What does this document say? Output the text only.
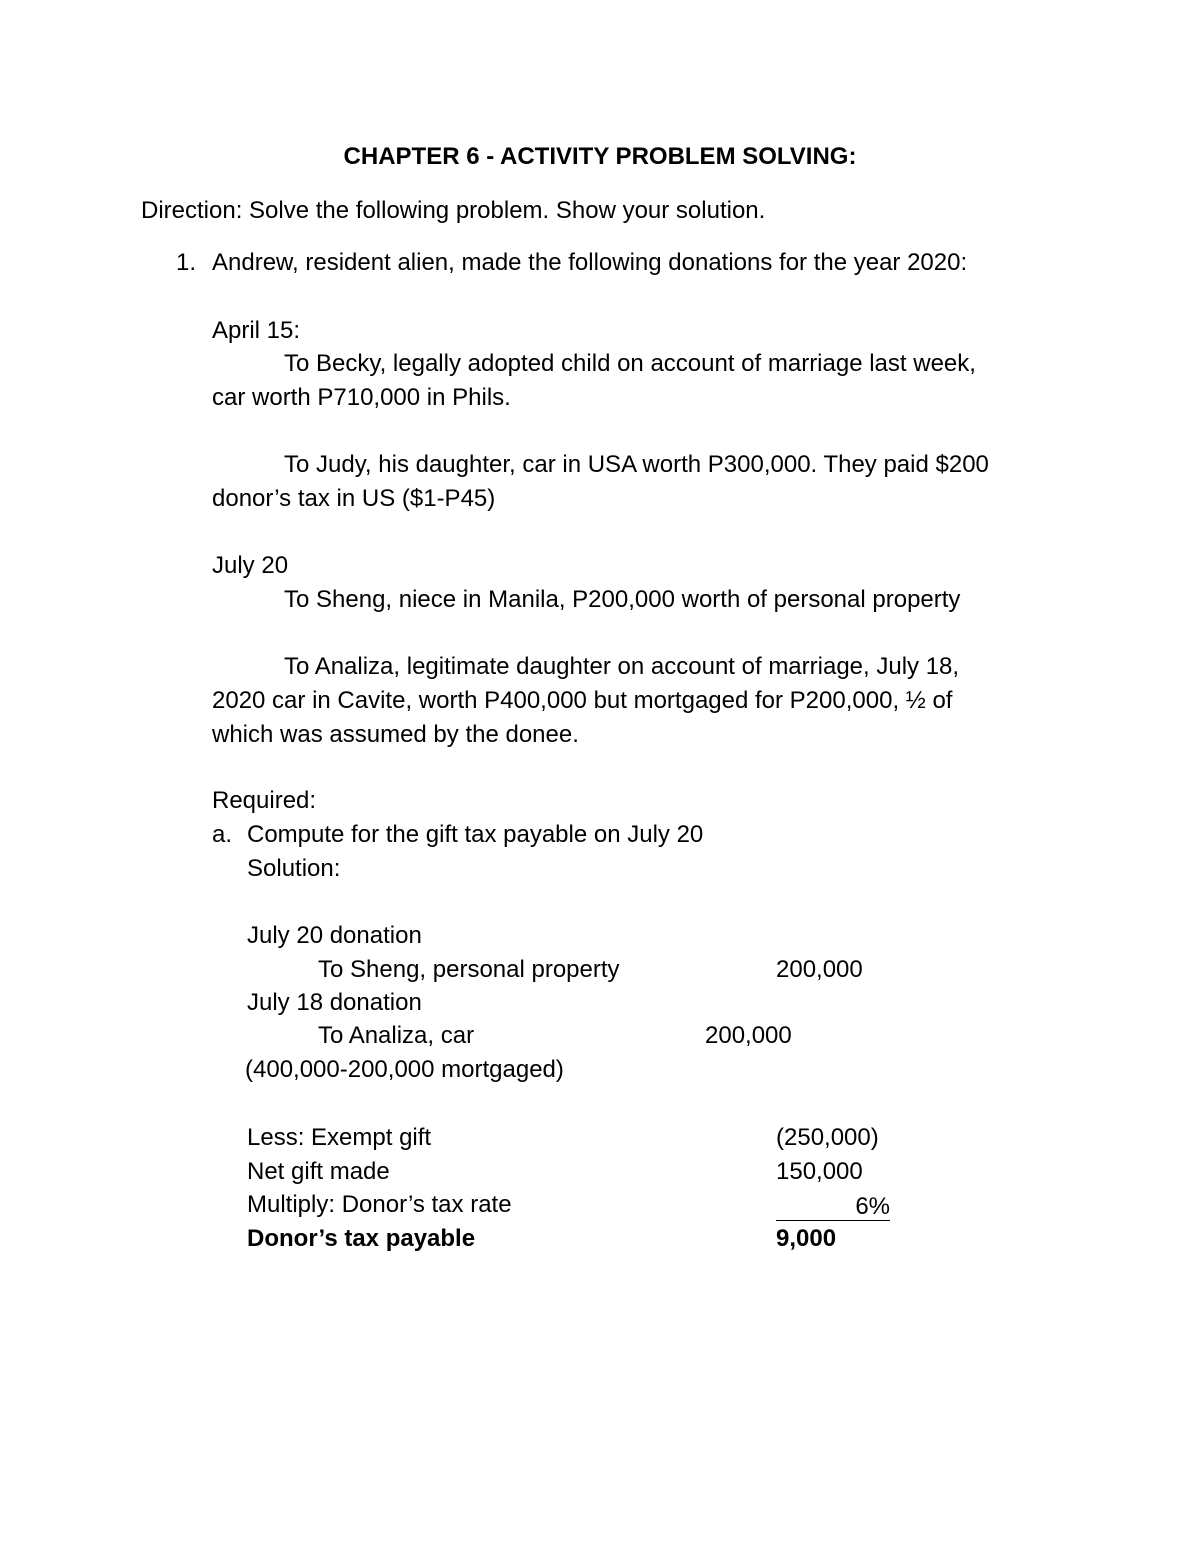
CHAPTER 6 - ACTIVITY PROBLEM SOLVING:
Direction: Solve the following problem. Show your solution.
1. Andrew, resident alien, made the following donations for the year 2020:
April 15:
To Becky, legally adopted child on account of marriage last week,
car worth P710,000 in Phils.
To Judy, his daughter, car in USA worth P300,000. They paid $200
donor’s tax in US ($1-P45)
July 20
To Sheng, niece in Manila, P200,000 worth of personal property
To Analiza, legitimate daughter on account of marriage, July 18,
2020 car in Cavite, worth P400,000 but mortgaged for P200,000, ½ of
which was assumed by the donee.
Required:
a. Compute for the gift tax payable on July 20
Solution:
July 20 donation
To Sheng, personal property	200,000
July 18 donation
To Analiza, car	200,000
(400,000-200,000 mortgaged)
Less: Exempt gift	(250,000)
Net gift made	150,000
Multiply: Donor’s tax rate	6%
Donor’s tax payable	9,000
